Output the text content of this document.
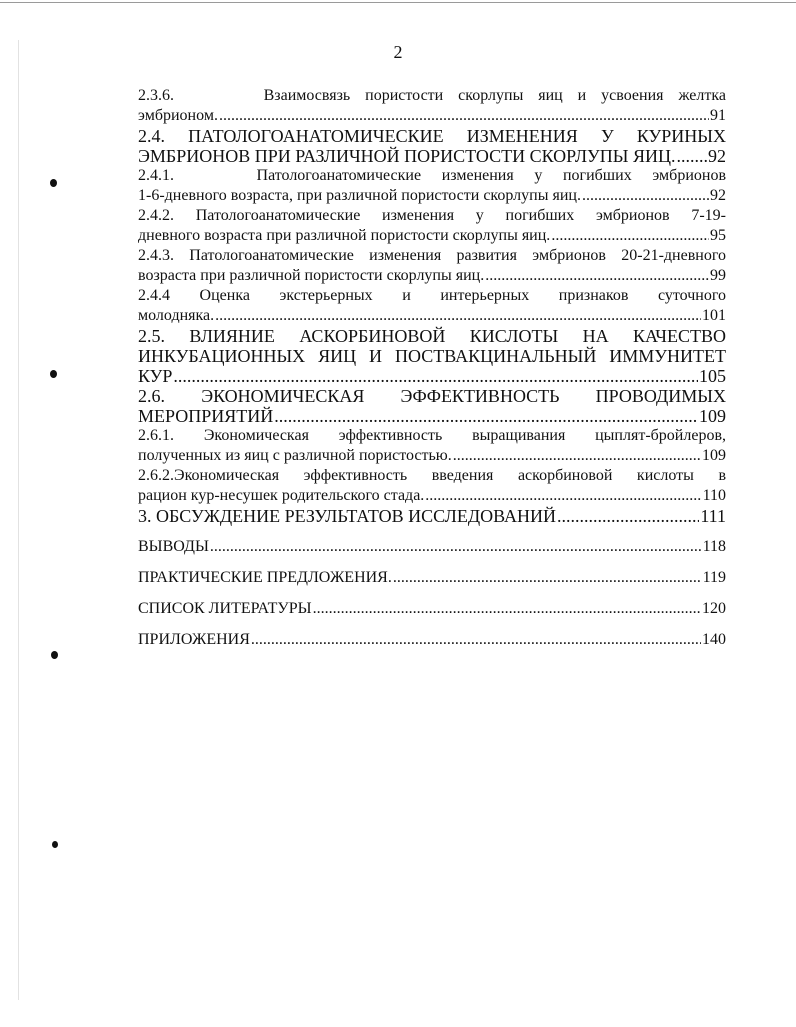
2
2.3.6.      Взаимосвязь пористости скорлупы яиц и усвоения желтка
эмбрионом. .....	91
2.4. ПАТОЛОГОАНАТОМИЧЕСКИЕ ИЗМЕНЕНИЯ У КУРИНЫХ
ЭМБРИОНОВ ПРИ РАЗЛИЧНОЙ ПОРИСТОСТИ СКОРЛУПЫ ЯИЦ. ..... 92
2.4.1.    Патологоанатомические изменения у погибших эмбрионов
1-6-дневного возраста, при различной пористости скорлупы яиц. .....	92
2.4.2. Патологоанатомические изменения у погибших эмбрионов 7-19-
дневного возраста при различной пористости скорлупы яиц. .....	95
2.4.3. Патологоанатомические изменения развития эмбрионов 20-21-дневного
возраста при различной пористости скорлупы яиц. .....	99
2.4.4 Оценка экстерьерных и интерьерных признаков суточного
молодняка. .....	101
2.5. ВЛИЯНИЕ АСКОРБИНОВОЙ КИСЛОТЫ НА КАЧЕСТВО
ИНКУБАЦИОННЫХ ЯИЦ И ПОСТВАКЦИНАЛЬНЫЙ ИММУНИТЕТ
КУР .....	105
2.6. ЭКОНОМИЧЕСКАЯ ЭФФЕКТИВНОСТЬ ПРОВОДИМЫХ
МЕРОПРИЯТИЙ .....	109
2.6.1. Экономическая эффективность выращивания цыплят-бройлеров,
полученных из яиц с различной пористостью. .....	109
2.6.2.Экономическая эффективность введения аскорбиновой кислоты в
рацион кур-несушек родительского стада. .....	110
3. ОБСУЖДЕНИЕ РЕЗУЛЬТАТОВ ИССЛЕДОВАНИЙ .....	111
ВЫВОДЫ .....	118
ПРАКТИЧЕСКИЕ ПРЕДЛОЖЕНИЯ. .....	119
СПИСОК ЛИТЕРАТУРЫ .....	120
ПРИЛОЖЕНИЯ .....	140
